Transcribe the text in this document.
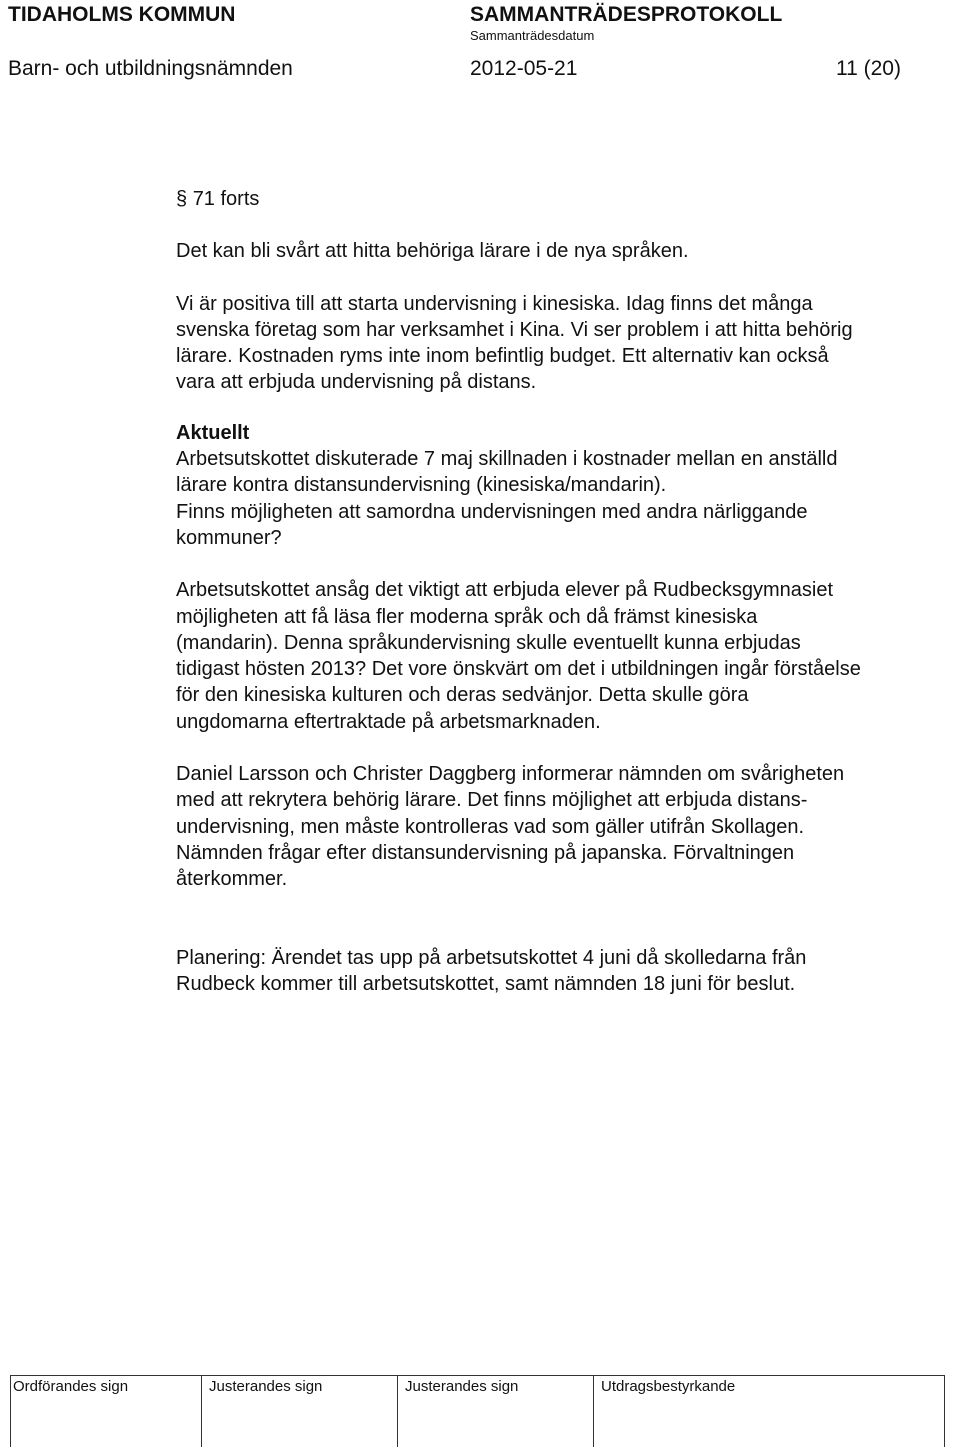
TIDAHOLMS KOMMUN	SAMMANTRÄDESPROTOKOLL
Sammanträdesdatum
Barn- och utbildningsnämnden	2012-05-21	11 (20)
§ 71 forts
Det kan bli svårt att hitta behöriga lärare i de nya språken.
Vi är positiva till att starta undervisning i kinesiska. Idag finns det många
svenska företag som har verksamhet i Kina. Vi ser problem i att hitta behörig
lärare. Kostnaden ryms inte inom befintlig budget. Ett alternativ kan också
vara att erbjuda undervisning på distans.
Aktuellt
Arbetsutskottet diskuterade 7 maj skillnaden i kostnader mellan en anställd
lärare kontra distansundervisning (kinesiska/mandarin).
Finns möjligheten att samordna undervisningen med andra närliggande
kommuner?
Arbetsutskottet ansåg det viktigt att erbjuda elever på Rudbecksgymnasiet
möjligheten att få läsa fler moderna språk och då främst kinesiska
(mandarin). Denna språkundervisning skulle eventuellt kunna erbjudas
tidigast hösten 2013? Det vore önskvärt om det i utbildningen ingår förståelse
för den kinesiska kulturen och deras sedvänjor. Detta skulle göra
ungdomarna eftertraktade på arbetsmarknaden.
Daniel Larsson och Christer Daggberg informerar nämnden om svårigheten
med att rekrytera behörig lärare. Det finns möjlighet att erbjuda distans-
undervisning, men måste kontrolleras vad som gäller utifrån Skollagen.
Nämnden frågar efter distansundervisning på japanska. Förvaltningen
återkommer.
Planering: Ärendet tas upp på arbetsutskottet 4 juni då skolledarna från
Rudbeck kommer till arbetsutskottet, samt nämnden 18 juni för beslut.
Ordförandes sign	Justerandes sign	Justerandes sign	Utdragsbestyrkande
